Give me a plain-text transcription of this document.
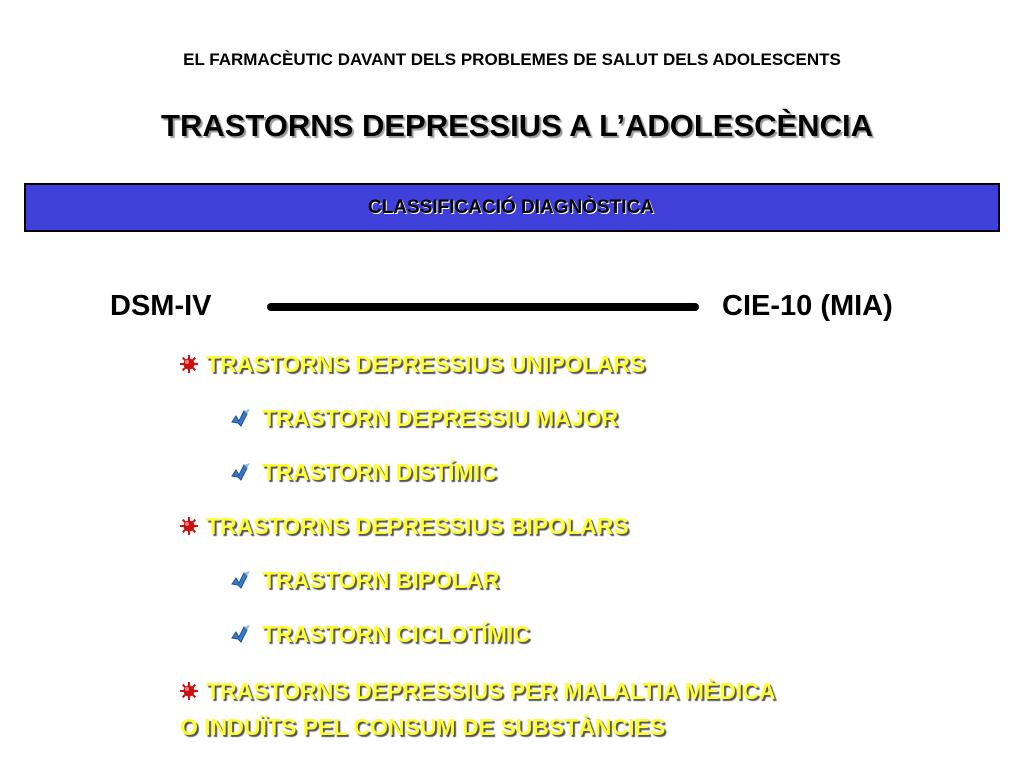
EL FARMACÈUTIC DAVANT DELS PROBLEMES DE SALUT DELS ADOLESCENTS
TRASTORNS DEPRESSIUS A L’ADOLESCÈNCIA
CLASSIFICACIÓ DIAGNÒSTICA
DSM-IV	CIE-10 (MIA)
TRASTORNS DEPRESSIUS UNIPOLARS
TRASTORN DEPRESSIU MAJOR
TRASTORN DISTÍMIC
TRASTORNS DEPRESSIUS BIPOLARS
TRASTORN BIPOLAR
TRASTORN CICLOTÍMIC
TRASTORNS DEPRESSIUS PER MALALTIA MÈDICA
O INDUÏTS PEL CONSUM DE SUBSTÀNCIES
